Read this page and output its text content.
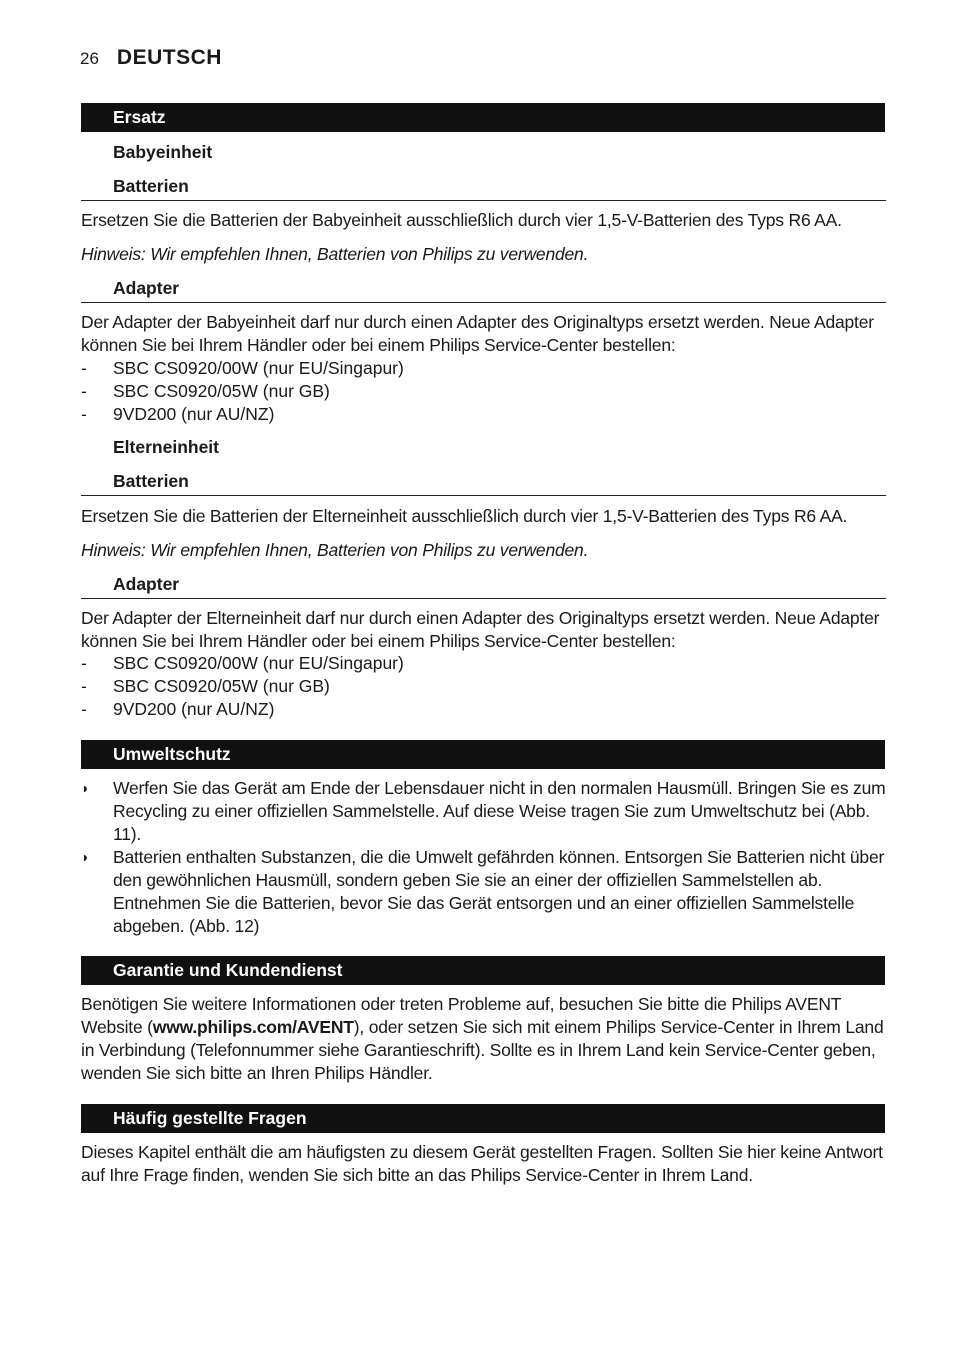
26 DEUTSCH
Ersatz
Babyeinheit
Batterien

Ersetzen Sie die Batterien der Babyeinheit ausschließlich durch vier 1,5-V-Batterien des Typs R6 AA.

Hinweis: Wir empfehlen Ihnen, Batterien von Philips zu verwenden.

Adapter

Der Adapter der Babyeinheit darf nur durch einen Adapter des Originaltyps ersetzt werden. Neue Adapter können Sie bei Ihrem Händler oder bei einem Philips Service-Center bestellen:

-	SBC CS0920/00W (nur EU/Singapur)
-	SBC CS0920/05W (nur GB)
-	9VD200 (nur AU/NZ)
Elterneinheit
Batterien

Ersetzen Sie die Batterien der Elterneinheit ausschließlich durch vier 1,5-V-Batterien des Typs R6 AA.

Hinweis: Wir empfehlen Ihnen, Batterien von Philips zu verwenden.

Adapter

Der Adapter der Elterneinheit darf nur durch einen Adapter des Originaltyps ersetzt werden. Neue Adapter können Sie bei Ihrem Händler oder bei einem Philips Service-Center bestellen:

-	SBC CS0920/00W (nur EU/Singapur)
-	SBC CS0920/05W (nur GB)
-	9VD200 (nur AU/NZ)
Umweltschutz
◗	Werfen Sie das Gerät am Ende der Lebensdauer nicht in den normalen Hausmüll. Bringen Sie es zum Recycling zu einer offiziellen Sammelstelle. Auf diese Weise tragen Sie zum Umweltschutz bei (Abb. 11).
◗	Batterien enthalten Substanzen, die die Umwelt gefährden können. Entsorgen Sie Batterien nicht über den gewöhnlichen Hausmüll, sondern geben Sie sie an einer der offiziellen Sammelstellen ab. Entnehmen Sie die Batterien, bevor Sie das Gerät entsorgen und an einer offiziellen Sammelstelle abgeben. (Abb. 12)
Garantie und Kundendienst

Benötigen Sie weitere Informationen oder treten Probleme auf, besuchen Sie bitte die Philips AVENT Website (www.philips.com/AVENT), oder setzen Sie sich mit einem Philips Service-Center in Ihrem Land in Verbindung (Telefonnummer siehe Garantieschrift). Sollte es in Ihrem Land kein Service-Center geben, wenden Sie sich bitte an Ihren Philips Händler.

Häufig gestellte Fragen

Dieses Kapitel enthält die am häufigsten zu diesem Gerät gestellten Fragen. Sollten Sie hier keine Antwort auf Ihre Frage finden, wenden Sie sich bitte an das Philips Service-Center in Ihrem Land.
